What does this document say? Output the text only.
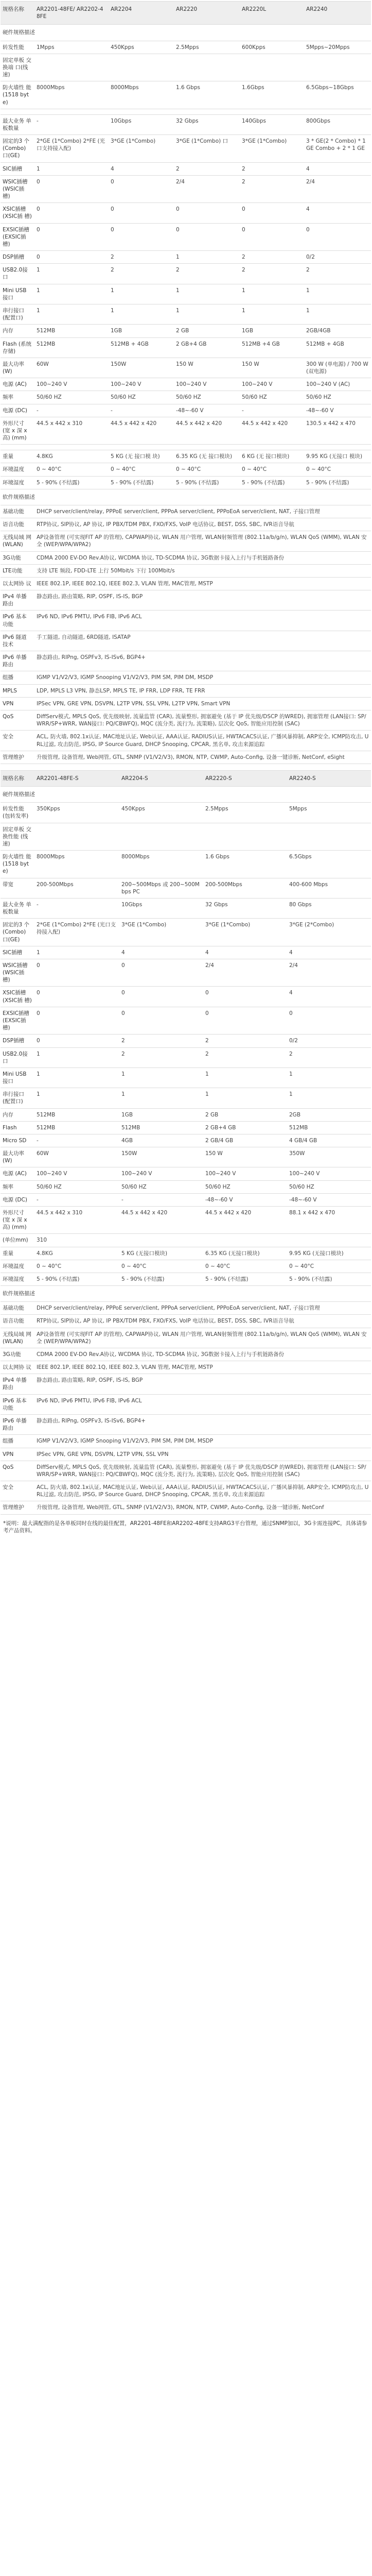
规格名称	AR2201-48FE/ AR2202-48FE	AR2204	AR2220	AR2220L	AR2240
硬件规格描述					
转发性能	1Mpps	450Kpps	2.5Mpps	600Kpps	5Mpps~20Mpps
固定单板 交换端 口(线速)					
防火墙性 能 (1518 byte)	8000Mbps	8000Mbps	1.6 Gbps	1.6Gbps	6.5Gbps~18Gbps

最大业务 单板数量	-	10Gbps	32 Gbps	140Gbps	800Gbps
固定的3 个(Combo) 口(GE)	2*GE (1*Combo) 2*FE (光口支持接入配)	3*GE (1*Combo)	3*GE (1*Combo) 口	3*GE (1*Combo)	3 * GE(2 * Combo) * 1 GE Combo + 2 * 1 GE
SIC插槽	1	4	2	2	4
WSIC插槽 (WSIC插 槽)	0	0	2/4	2	2/4
XSIC插槽 (XSIC插 槽)	0	0	0	0	4
EXSIC插槽 (EXSIC插 槽)	0	0	0	0	0
DSP插槽	0	2	1	2	0/2
USB2.0接 口	1	2	2	2	2
Mini USB 接口	1	1	1	1	1
串行接口 (配置口)	1	1	1	1	1
内存	512MB	1GB	2 GB	1GB	2GB/4GB
Flash (系统 存储)	512MB	512MB + 4GB	2 GB+4 GB	512MB +4 GB	512MB + 4GB
最大功率 (W)	60W	150W	150 W	150 W	300 W (单电源) / 700 W (双电源)
电源 (AC)	100~240 V	100~240 V	100~240 V	100~240 V	100~240 V (AC)
频率	50/60 HZ	50/60 HZ	50/60 HZ	50/60 HZ	50/60 HZ
电源 (DC)	-	-	-48~-60 V	-	-48~-60 V
外形尺寸 (宽 x 深 x 高) (mm)	44.5 x 442 x 310	44.5 x 442 x 420	44.5 x 442 x 420	44.5 x 442 x 420	130.5 x 442 x 470

重量	4.8KG	5 KG (无 接口模 块)	6.35 KG (无 接口模块)	6 KG (无 接口模块)	9.95 KG (无接口 模块)
环境温度	0 ~ 40°C	0 ~ 40°C	0 ~ 40°C	0 ~ 40°C	0 ~ 40°C
环境湿度	5 - 90% (不结露)	5 - 90% (不结露)	5 - 90% (不结露)	5 - 90% (不结露)	5 - 90% (不结露)
软件规格描述					
基础功能	DHCP server/client/relay, PPPoE server/client, PPPoA server/client, PPPoEoA server/client, NAT, 子接口管理				
语音功能	RTP协议, SIP协议, AP 协议, IP PBX/TDM PBX, FXO/FXS, VoIP 电话协议, BEST, DSS, SBC, IVR语音导航				
无线局域 网 (WLAN)	AP设备管理 (可实现FIT AP 的管理), CAPWAP协议, WLAN 用户管理, WLAN射频管理 (802.11a/b/g/n), WLAN QoS (WMM), WLAN 安全 (WEP/WPA/WPA2)				
3G功能	CDMA 2000 EV-DO Rev.A协议, WCDMA 协议, TD-SCDMA 协议, 3G数据卡接入上行与手机链路备份				
LTE功能	支持 LTE 频段, FDD-LTE 上行 50Mbit/s 下行 100Mbit/s				
以太网协 议	IEEE 802.1P, IEEE 802.1Q, IEEE 802.3, VLAN 管理, MAC管理, MSTP				
IPv4 单播 路由	静态路由, 路由策略, RIP, OSPF, IS-IS, BGP				
IPv6 基本 功能	IPv6 ND, IPv6 PMTU, IPv6 FIB, IPv6 ACL				
IPv6 隧道 技术	手工隧道, 自动隧道, 6RD隧道, ISATAP				
IPv6 单播 路由	静态路由, RIPng, OSPFv3, IS-ISv6, BGP4+				
组播	IGMP V1/V2/V3, IGMP Snooping V1/V2/V3, PIM SM, PIM DM, MSDP				
MPLS	LDP, MPLS L3 VPN, 静态LSP, MPLS TE, IP FRR, LDP FRR, TE FRR				
VPN	IPSec VPN, GRE VPN, DSVPN, L2TP VPN, SSL VPN, L2TP VPN, Smart VPN				
QoS	DiffServ模式, MPLS QoS, 优先级映射, 流量监管 (CAR), 流量整形, 拥塞避免 (基于 IP 优先级/DSCP 的WRED), 拥塞管理 (LAN接口: SP/WRR/SP+WRR, WAN接口: PQ/CBWFQ), MQC (流分类, 流行为, 流策略), 层次化 QoS, 智能应用控制 (SAC)				
安全	ACL, 防火墙, 802.1x认证, MAC地址认证, Web认证, AAA认证, RADIUS认证, HWTACACS认证, 广播风暴抑制, ARP安全, ICMP防攻击, URL过滤, 攻击防范, IPSG, IP Source Guard, DHCP Snooping, CPCAR, 黑名单, 攻击来源追踪				
管理维护	升级管理, 设备管理, Web网管, GTL, SNMP (V1/V2/V3), RMON, NTP, CWMP, Auto-Config, 设备一键诊断, NetConf, eSight				
规格名称	AR2201-48FE-S	AR2204-S	AR2220-S	AR2240-S
硬件规格描述				
转发性能 (包转发率)	350Kpps	450Kpps	2.5Mpps	5Mpps
固定单板 交换性能 (线速)				
防火墙性 能 (1518 byte)	8000Mbps	8000Mbps	1.6 Gbps	6.5Gbps
带宽	200-500Mbps	200~500Mbps 或 200~500Mbps PC	200-500Mbps	400-600 Mbps
最大业务 单板数量	-	10Gbps	32 Gbps	80 Gbps
固定的3 个(Combo) 口(GE)	2*GE (1*Combo) 2*FE (光口支持接入配)	3*GE (1*Combo)	3*GE (1*Combo)	3*GE (2*Combo)
SIC插槽	1	4	4	4
WSIC插槽 (WSIC插 槽)	0	0	2/4	2/4
XSIC插槽 (XSIC插 槽)	0	0	0	4
EXSIC插槽 (EXSIC插 槽)	0	0	0	0
DSP插槽	0	2	2	0/2
USB2.0接 口	1	2	2	2
Mini USB 接口	1	1	1	1
串行接口 (配置口)	1	1	1	1
内存	512MB	1GB	2 GB	2GB
Flash	512MB	512MB	2 GB+4 GB	512MB
Micro SD	-	4GB	2 GB/4 GB	4 GB/4 GB
最大功率 (W)	60W	150W	150 W	350W
电源 (AC)	100~240 V	100~240 V	100~240 V	100~240 V
频率	50/60 HZ	50/60 HZ	50/60 HZ	50/60 HZ
电源 (DC)	-	-	-48~-60 V	-48~-60 V
外形尺寸 (宽 x 深 x 高) (mm)	44.5 x 442 x 310	44.5 x 442 x 420	44.5 x 442 x 420	88.1 x 442 x 470
(单位mm)	310			
重量	4.8KG	5 KG (无接口模块)	6.35 KG (无接口模块)	9.95 KG (无接口模块)
环境温度	0 ~ 40°C	0 ~ 40°C	0 ~ 40°C	0 ~ 40°C
环境湿度	5 - 90% (不结露)	5 - 90% (不结露)	5 - 90% (不结露)	5 - 90% (不结露)
软件规格描述				
基础功能	DHCP server/client/relay, PPPoE server/client, PPPoA server/client, PPPoEoA server/client, NAT, 子接口管理			
语音功能	RTP协议, SIP协议, AP 协议, IP PBX/TDM PBX, FXO/FXS, VoIP 电话协议, BEST, DSS, SBC, IVR语音导航			
无线局域 网 (WLAN)	AP设备管理 (可实现FIT AP 的管理), CAPWAP协议, WLAN 用户管理, WLAN射频管理 (802.11a/b/g/n), WLAN QoS (WMM), WLAN 安全 (WEP/WPA/WPA2)			
3G功能	CDMA 2000 EV-DO Rev.A协议, WCDMA 协议, TD-SCDMA 协议, 3G数据卡接入上行与手机链路备份			
以太网协 议	IEEE 802.1P, IEEE 802.1Q, IEEE 802.3, VLAN 管理, MAC管理, MSTP			
IPv4 单播 路由	静态路由, 路由策略, RIP, OSPF, IS-IS, BGP			
IPv6 基本 功能	IPv6 ND, IPv6 PMTU, IPv6 FIB, IPv6 ACL			
IPv6 单播 路由	静态路由, RIPng, OSPFv3, IS-ISv6, BGP4+			
组播	IGMP V1/V2/V3, IGMP Snooping V1/V2/V3, PIM SM, PIM DM, MSDP			
VPN	IPSec VPN, GRE VPN, DSVPN, L2TP VPN, SSL VPN			
QoS	DiffServ模式, MPLS QoS, 优先级映射, 流量监管 (CAR), 流量整形, 拥塞避免 (基于 IP 优先级/DSCP 的WRED), 拥塞管理 (LAN接口: SP/WRR/SP+WRR, WAN接口: PQ/CBWFQ), MQC (流分类, 流行为, 流策略), 层次化 QoS, 智能应用控制 (SAC)			
安全	ACL, 防火墙, 802.1x认证, MAC地址认证, Web认证, AAA认证, RADIUS认证, HWTACACS认证, 广播风暴抑制, ARP安全, ICMP防攻击, URL过滤, 攻击防范, IPSG, IP Source Guard, DHCP Snooping, CPCAR, 黑名单, 攻击来源追踪			
管理维护	升级管理, 设备管理, Web网管, GTL, SNMP (V1/V2/V3), RMON, NTP, CWMP, Auto-Config, 设备一键诊断, NetConf			
*说明：最大满配指的是各单板同时在线的最佳配置，AR2201-48FE和AR2202-48FE支持ARG3平台管理，通过SNMP加以，3G卡需连接PC，具体请参考产品资料。
